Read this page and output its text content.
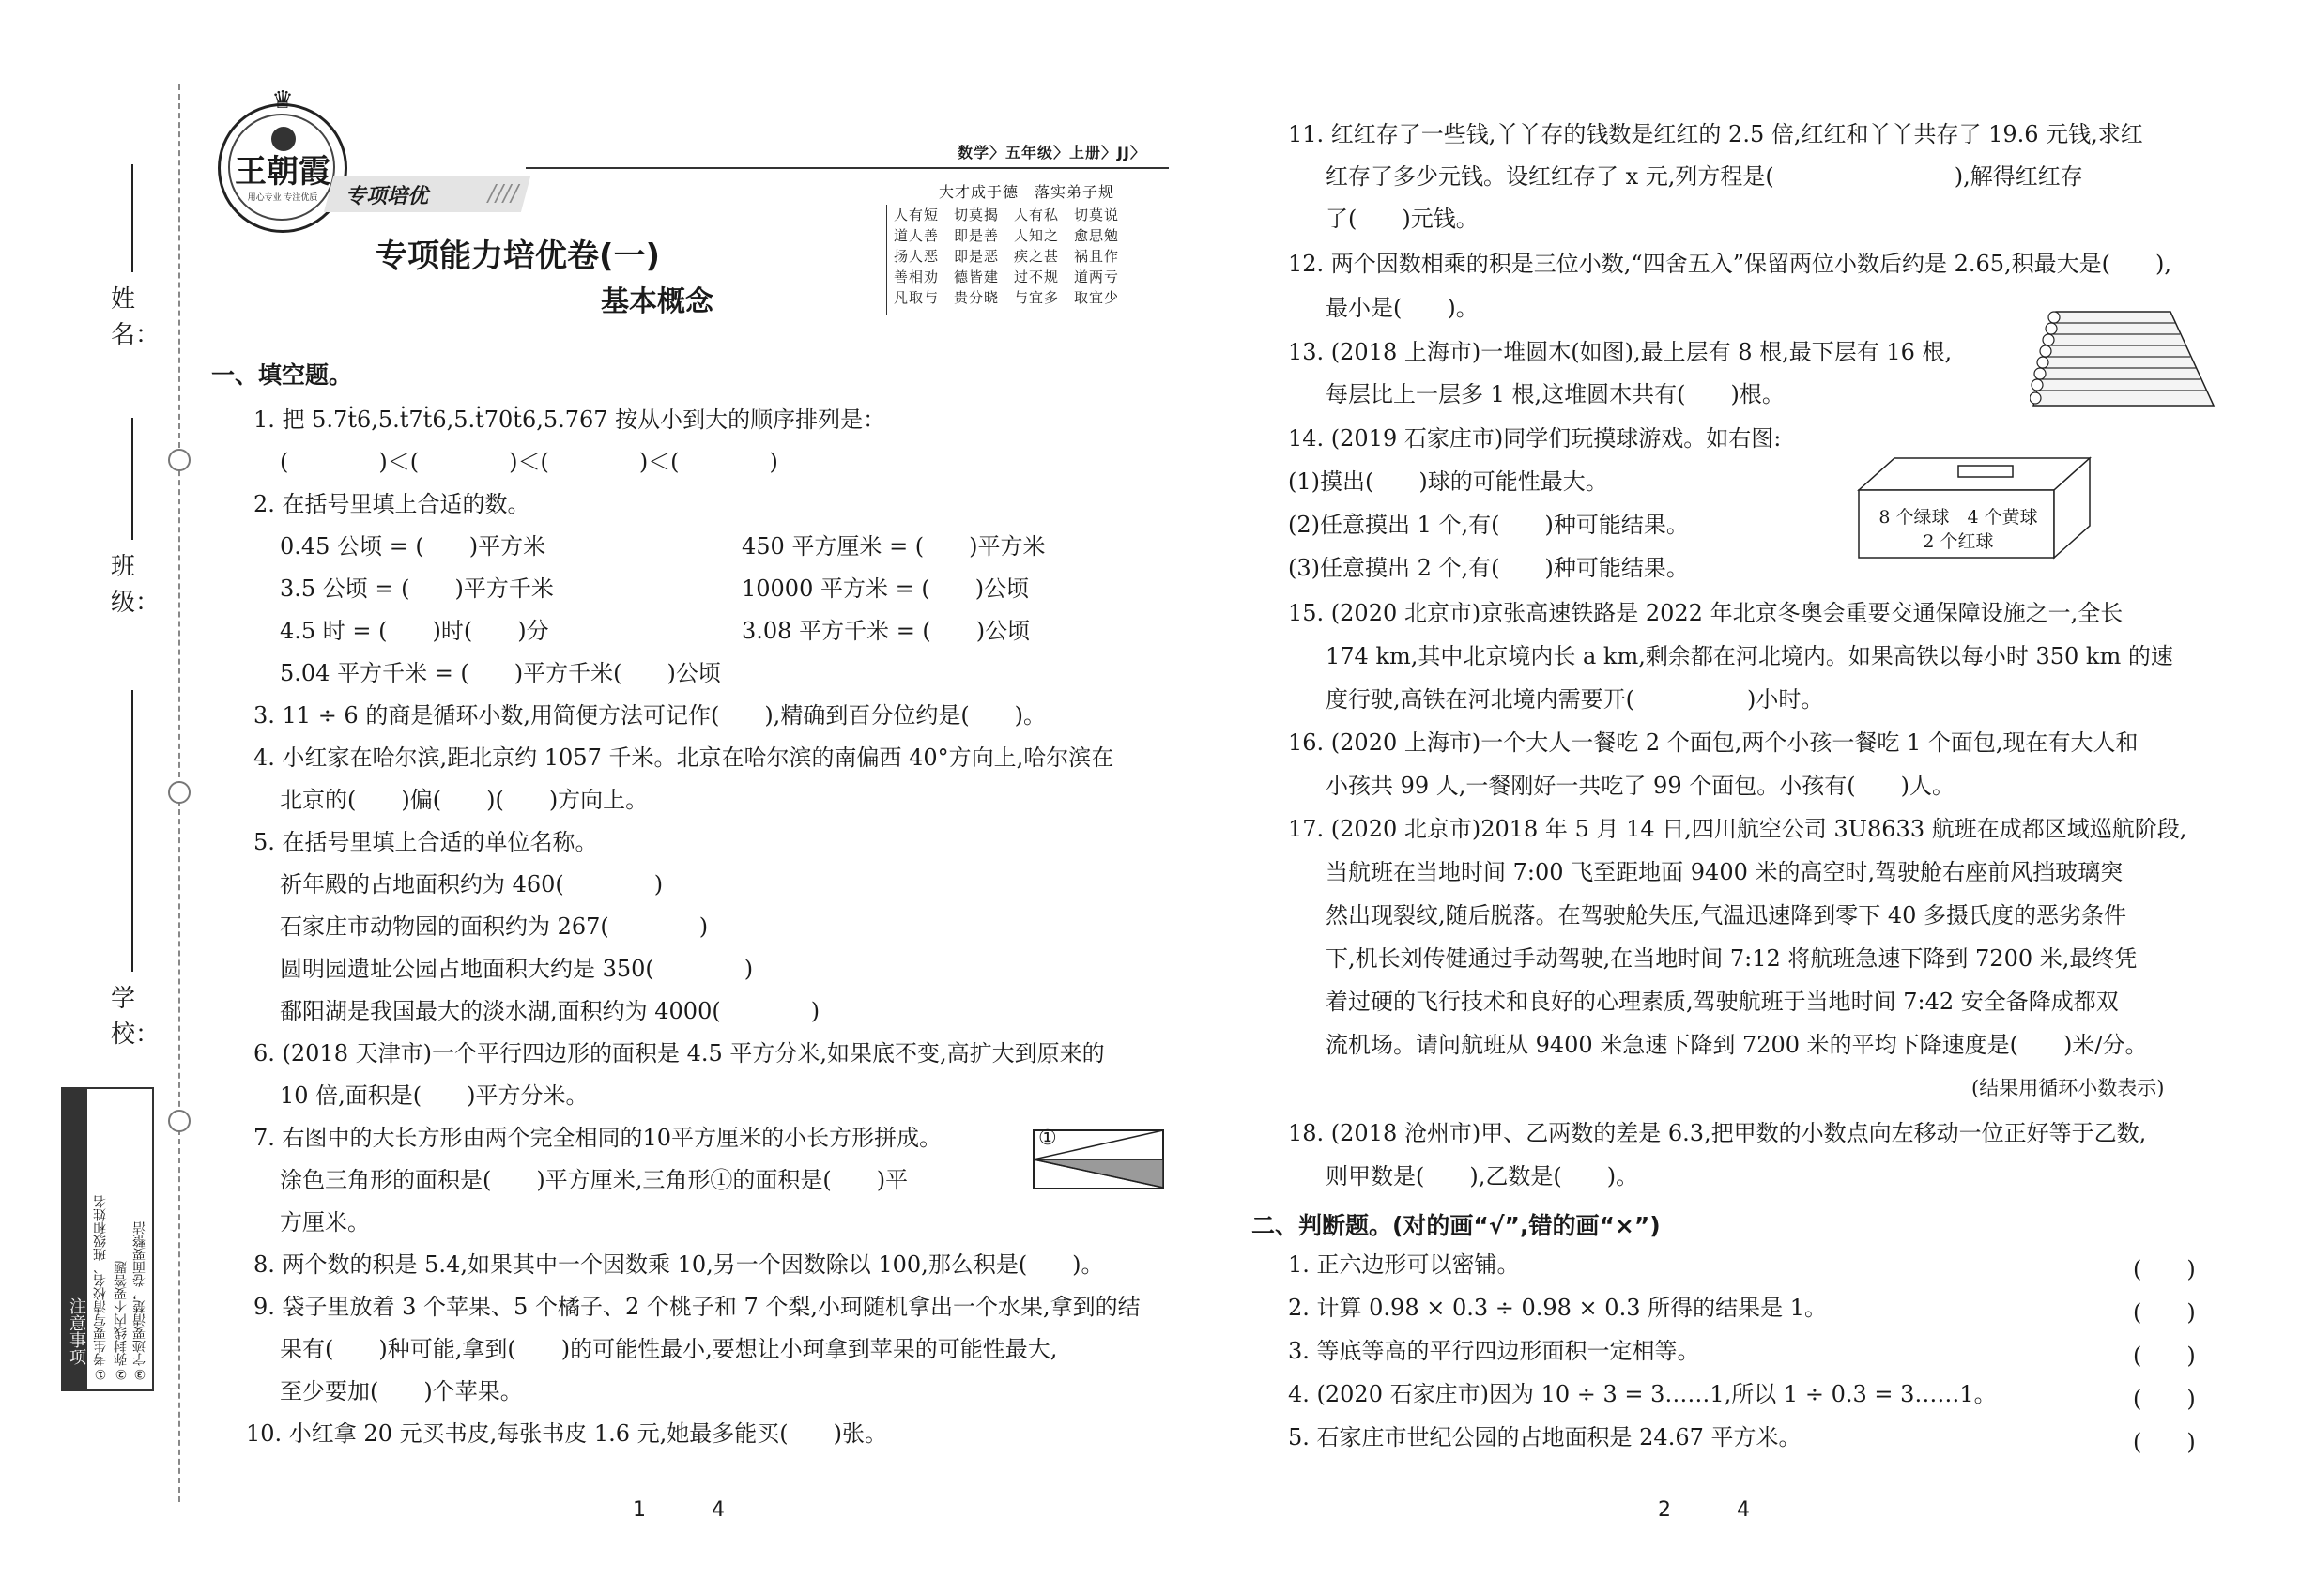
姓　名：
班　级：
学　校：
注意事项 ①考生要写清校名、班级和姓名 ②弥封线内不要答题 ③字迹要清楚，卷面要整洁
♛
王朝霞
用心专业 专注优质	专项培优	////
数学〉五年级〉上册〉JJ〉
专项能力培优卷(一)
基本概念
大才成于德　落实弟子规
人有短　切莫揭　人有私　切莫说
道人善　即是善　人知之　愈思勉
扬人恶　即是恶　疾之甚　祸且作
善相劝　德皆建　过不规　道两亏
凡取与　贵分晓　与宜多　取宜少
一、填空题。
1. 把 5.7ṫ6,5.ṫ7ṫ6,5.ṫ70ṫ6,5.767 按从小到大的顺序排列是：
(　　　　)＜(　　　　)＜(　　　　)＜(　　　　)
2. 在括号里填上合适的数。
0.45 公顷 = (　　)平方米	450 平方厘米 = (　　)平方米
3.5 公顷 = (　　)平方千米	10000 平方米 = (　　)公顷
4.5 时 = (　　)时(　　)分	3.08 平方千米 = (　　)公顷
5.04 平方千米 = (　　)平方千米(　　)公顷
3. 11 ÷ 6 的商是循环小数,用简便方法可记作(　　),精确到百分位约是(　　)。
4. 小红家在哈尔滨,距北京约 1057 千米。北京在哈尔滨的南偏西 40°方向上,哈尔滨在
北京的(　　)偏(　　)(　　)方向上。
5. 在括号里填上合适的单位名称。
祈年殿的占地面积约为 460(　　　　)
石家庄市动物园的面积约为 267(　　　　)
圆明园遗址公园占地面积大约是 350(　　　　)
鄱阳湖是我国最大的淡水湖,面积约为 4000(　　　　)
6. (2018 天津市)一个平行四边形的面积是 4.5 平方分米,如果底不变,高扩大到原来的
10 倍,面积是(　　)平方分米。
7. 右图中的大长方形由两个完全相同的10平方厘米的小长方形拼成。
涂色三角形的面积是(　　)平方厘米,三角形①的面积是(　　)平
方厘米。
①
8. 两个数的积是 5.4,如果其中一个因数乘 10,另一个因数除以 100,那么积是(　　)。
9. 袋子里放着 3 个苹果、5 个橘子、2 个桃子和 7 个梨,小珂随机拿出一个水果,拿到的结
果有(　　)种可能,拿到(　　)的可能性最小,要想让小珂拿到苹果的可能性最大,
至少要加(　　)个苹果。
10. 小红拿 20 元买书皮,每张书皮 1.6 元,她最多能买(　　)张。
11. 红红存了一些钱,丫丫存的钱数是红红的 2.5 倍,红红和丫丫共存了 19.6 元钱,求红
红存了多少元钱。设红红存了 x 元,列方程是(　　　　　　　　),解得红红存
了(　　)元钱。
12. 两个因数相乘的积是三位小数,“四舍五入”保留两位小数后约是 2.65,积最大是(　　),
最小是(　　)。
13. (2018 上海市)一堆圆木(如图),最上层有 8 根,最下层有 16 根,
每层比上一层多 1 根,这堆圆木共有(　　)根。
14. (2019 石家庄市)同学们玩摸球游戏。如右图:
(1)摸出(　　)球的可能性最大。
(2)任意摸出 1 个,有(　　)种可能结果。
(3)任意摸出 2 个,有(　　)种可能结果。
8 个绿球　4 个黄球
2 个红球
15. (2020 北京市)京张高速铁路是 2022 年北京冬奥会重要交通保障设施之一,全长
174 km,其中北京境内长 a km,剩余都在河北境内。如果高铁以每小时 350 km 的速
度行驶,高铁在河北境内需要开(　　　　　)小时。
16. (2020 上海市)一个大人一餐吃 2 个面包,两个小孩一餐吃 1 个面包,现在有大人和
小孩共 99 人,一餐刚好一共吃了 99 个面包。小孩有(　　)人。
17. (2020 北京市)2018 年 5 月 14 日,四川航空公司 3U8633 航班在成都区域巡航阶段,
当航班在当地时间 7:00 飞至距地面 9400 米的高空时,驾驶舱右座前风挡玻璃突
然出现裂纹,随后脱落。在驾驶舱失压,气温迅速降到零下 40 多摄氏度的恶劣条件
下,机长刘传健通过手动驾驶,在当地时间 7:12 将航班急速下降到 7200 米,最终凭
着过硬的飞行技术和良好的心理素质,驾驶航班于当地时间 7:42 安全备降成都双
流机场。请问航班从 9400 米急速下降到 7200 米的平均下降速度是(　　)米/分。
(结果用循环小数表示)
18. (2018 沧州市)甲、乙两数的差是 6.3,把甲数的小数点向左移动一位正好等于乙数,
则甲数是(　　),乙数是(　　)。
二、判断题。(对的画“√”,错的画“×”)
1. 正六边形可以密铺。	(　　)
2. 计算 0.98 × 0.3 ÷ 0.98 × 0.3 所得的结果是 1。	(　　)
3. 等底等高的平行四边形面积一定相等。	(　　)
4. (2020 石家庄市)因为 10 ÷ 3 = 3……1,所以 1 ÷ 0.3 = 3……1。	(　　)
5. 石家庄市世纪公园的占地面积是 24.67 平方米。	(　　)
1	4	2	4
